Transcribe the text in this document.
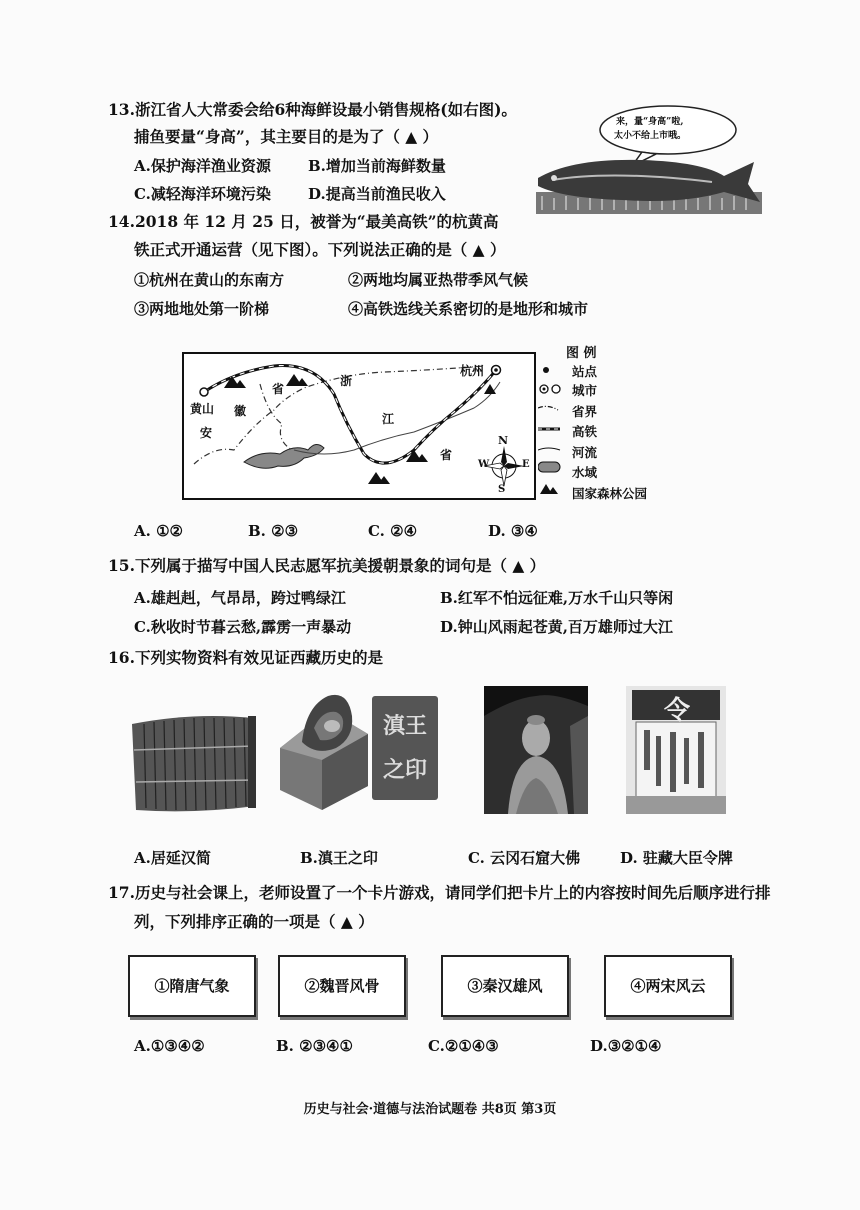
13.浙江省人大常委会给6种海鲜设最小销售规格(如右图)。
捕鱼要量“身高”，其主要目的是为了（ ▲ ）
A.保护海洋渔业资源 B.增加当前海鲜数量
C.减轻海洋环境污染 D.提高当前渔民收入
来，量“身高”啦,
太小不给上市哦。
14.2018 年 12 月 25 日，被誉为“最美高铁”的杭黄高
铁正式开通运营（见下图）。下列说法正确的是（ ▲ ）
①杭州在黄山的东南方	②两地均属亚热带季风气候
③两地地处第一阶梯	④高铁选线关系密切的是地形和城市
杭州
黄山
安
徽
省
浙
江
省
N
S
W	E
图 例
站点
城市
省界
高铁
河流
水域
国家森林公园
A. ①②	B. ②③	C. ②④	D. ③④
15.下列属于描写中国人民志愿军抗美援朝景象的词句是（ ▲ ）
A.雄赳赳，气昂昂，跨过鸭绿江	B.红军不怕远征难,万水千山只等闲
C.秋收时节暮云愁,霹雳一声暴动	D.钟山风雨起苍黄,百万雄师过大江
16.下列实物资料有效见证西藏历史的是
滇王之印
令
A.居延汉简	B.滇王之印	C. 云冈石窟大佛	D. 驻藏大臣令牌
17.历史与社会课上，老师设置了一个卡片游戏，请同学们把卡片上的内容按时间先后顺序进行排
列，下列排序正确的一项是（ ▲ ）
①隋唐气象	②魏晋风骨	③秦汉雄风	④两宋风云
A.①③④②	B. ②③④①	C.②①④③	D.③②①④
历史与社会·道德与法治试题卷 共8页 第3页
